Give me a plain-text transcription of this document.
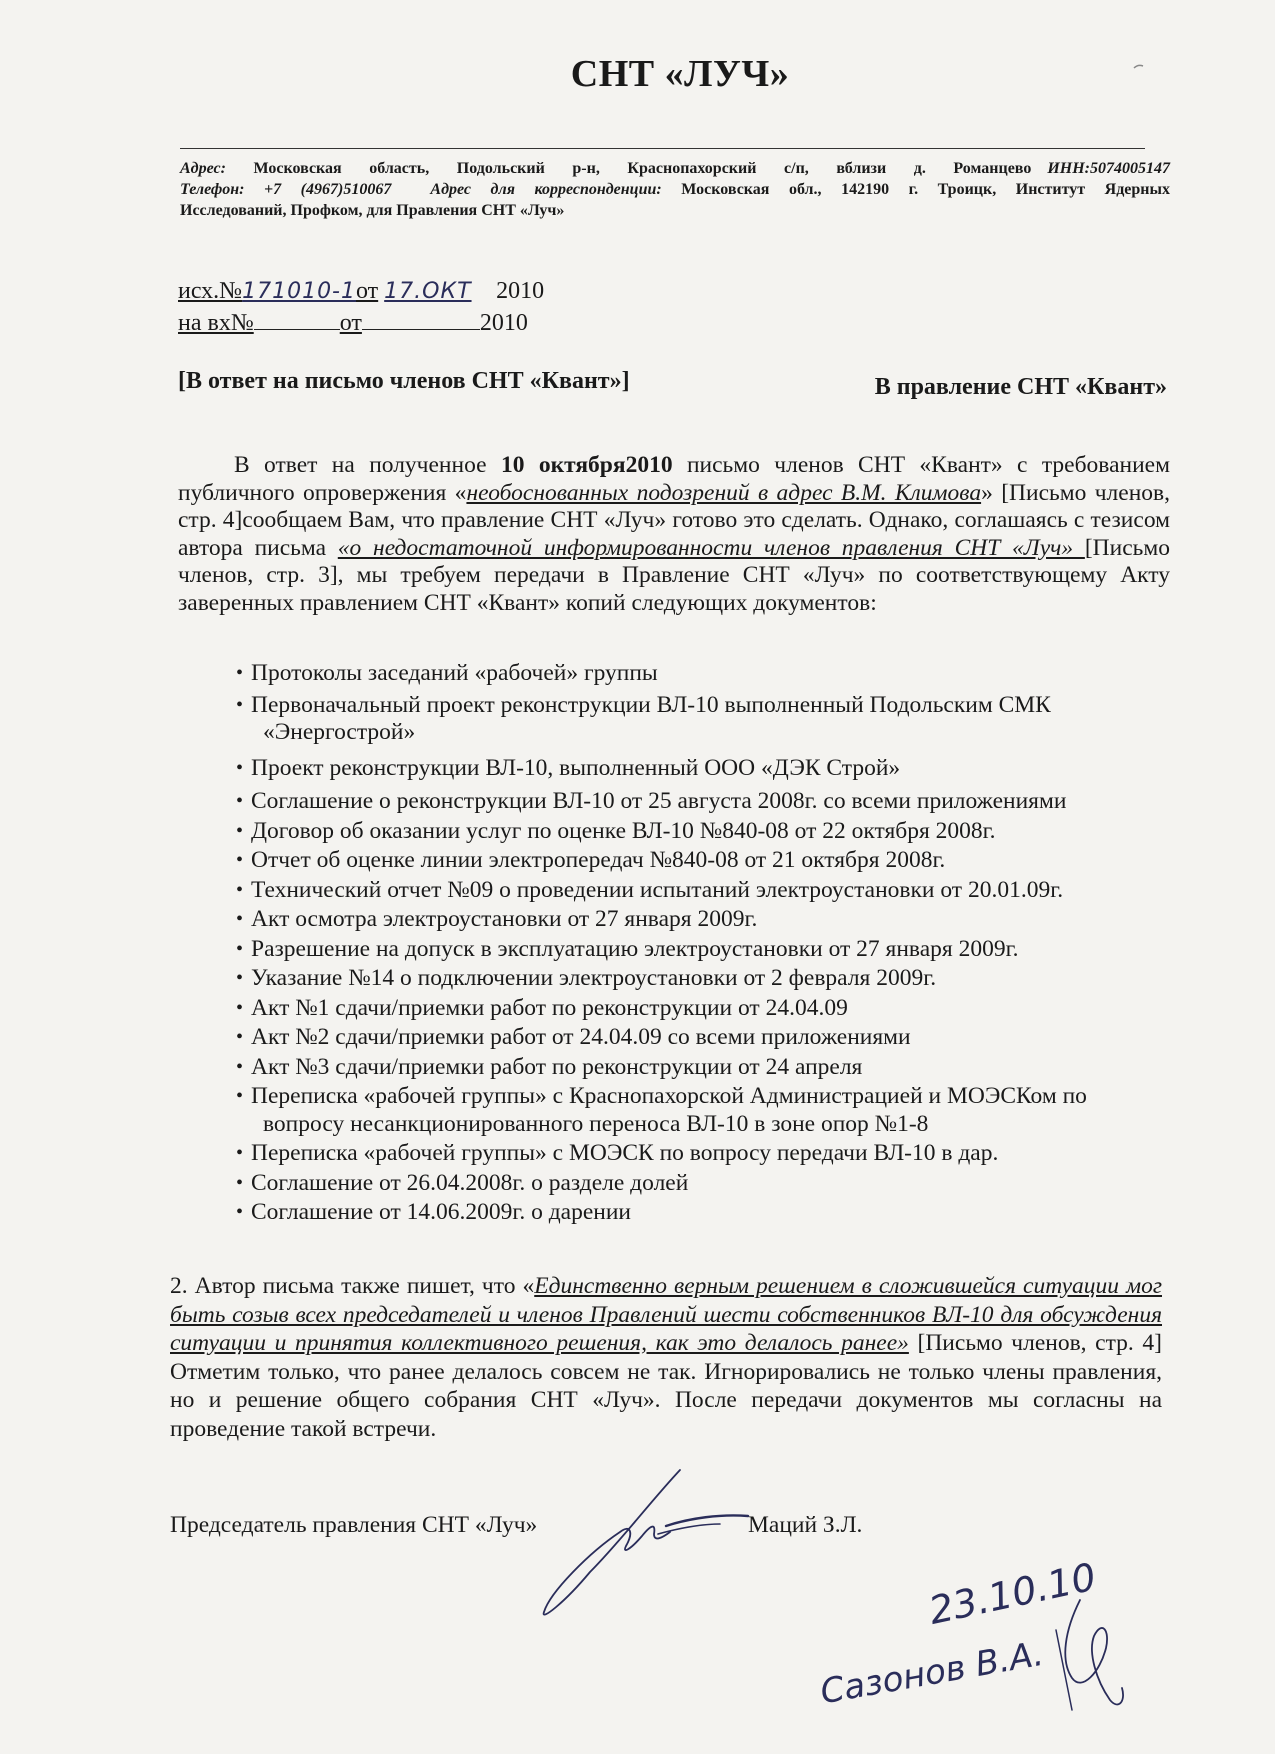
СНТ «ЛУЧ»
Адрес: Московская область, Подольский р-н, Краснопахорский с/п, вблизи д. Романцево ИНН:5074005147
Телефон: +7 (4967)510067 Адрес для корреспонденции: Московская обл., 142190 г. Троицк, Институт Ядерных
Исследований, Профком, для Правления СНТ «Луч»
исх.№171010-1от 17.ОКТ 2010
на вх№	от	2010
[В ответ на письмо членов СНТ «Квант»]	В правление СНТ «Квант»

В ответ на полученное 10 октября2010 письмо членов СНТ «Квант» с требованием публичного опровержения «необоснованных подозрений в адрес В.М. Климова» [Письмо членов, стр. 4]сообщаем Вам, что правление СНТ «Луч» готово это сделать. Однако, соглашаясь с тезисом автора письма «о недостаточной информированности членов правления СНТ «Луч» [Письмо членов, стр. 3], мы требуем передачи в Правление СНТ «Луч» по соответствующему Акту заверенных правлением СНТ «Квант» копий следующих документов:

• Протоколы заседаний «рабочей» группы
• Первоначальный проект реконструкции ВЛ-10 выполненный Подольским СМК
«Энергострой»
• Проект реконструкции ВЛ-10, выполненный ООО «ДЭК Строй»
• Соглашение о реконструкции ВЛ-10 от 25 августа 2008г. со всеми приложениями
• Договор об оказании услуг по оценке ВЛ-10 №840-08 от 22 октября 2008г.
• Отчет об оценке линии электропередач №840-08 от 21 октября 2008г.
• Технический отчет №09 о проведении испытаний электроустановки от 20.01.09г.
• Акт осмотра электроустановки от 27 января 2009г.
• Разрешение на допуск в эксплуатацию электроустановки от 27 января 2009г.
• Указание №14 о подключении электроустановки от 2 февраля 2009г.
• Акт №1 сдачи/приемки работ по реконструкции от 24.04.09
• Акт №2 сдачи/приемки работ от 24.04.09 со всеми приложениями
• Акт №3 сдачи/приемки работ по реконструкции от 24 апреля
• Переписка «рабочей группы» с Краснопахорской Администрацией и МОЭСКом по
вопросу несанкционированного переноса ВЛ-10 в зоне опор №1-8
• Переписка «рабочей группы» с МОЭСК по вопросу передачи ВЛ-10 в дар.
• Соглашение от 26.04.2008г. о разделе долей
• Соглашение от 14.06.2009г. о дарении

2. Автор письма также пишет, что «Единственно верным решением в сложившейся ситуации мог быть созыв всех председателей и членов Правлений шести собственников ВЛ-10 для обсуждения ситуации и принятия коллективного решения, как это делалось ранее» [Письмо членов, стр. 4] Отметим только, что ранее делалось совсем не так. Игнорировались не только члены правления, но и решение общего собрания СНТ «Луч». После передачи документов мы согласны на проведение такой встречи.

Председатель правления СНТ «Луч»	Маций З.Л.
23.10.10
Сазонов В.А.
